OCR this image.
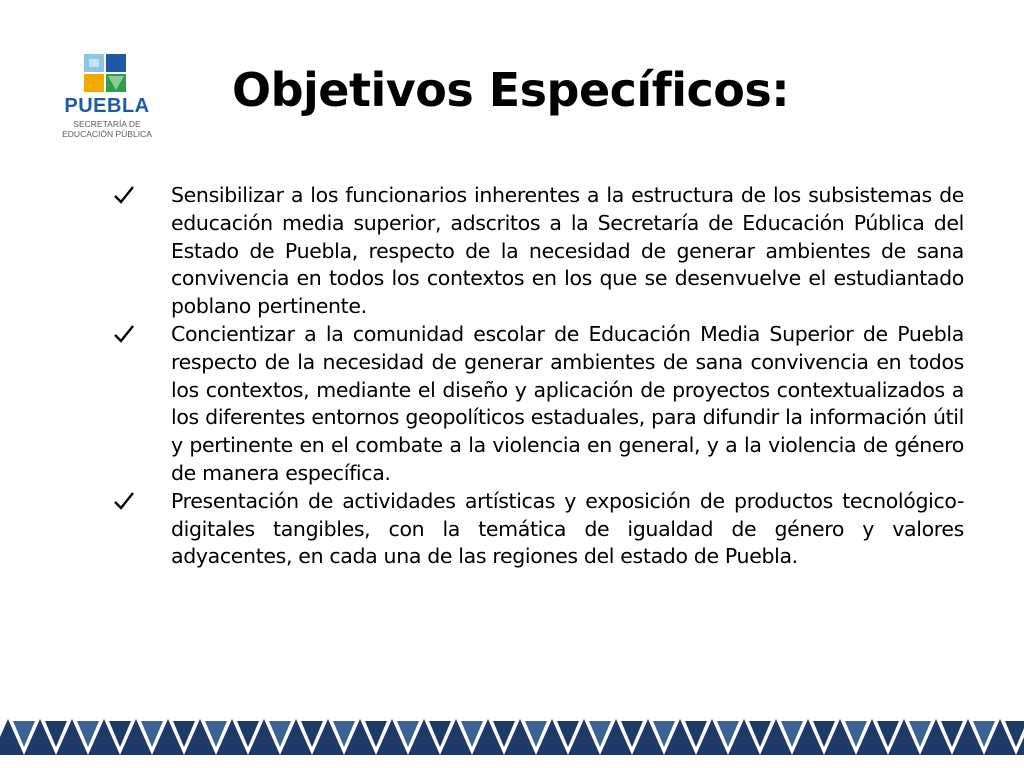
PUEBLA
SECRETARÍA DE
EDUCACIÓN PÚBLICA
Objetivos Específicos:
Sensibilizar a los funcionarios inherentes a la estructura de los subsistemas de educación media superior, adscritos a la Secretaría de Educación Pública del Estado de Puebla, respecto de la necesidad de generar ambientes de sana convivencia en todos los contextos en los que se desenvuelve el estudiantado poblano pertinente.
Concientizar a la comunidad escolar de Educación Media Superior de Puebla respecto de la necesidad de generar ambientes de sana convivencia en todos los contextos, mediante el diseño y aplicación de proyectos contextualizados a los diferentes entornos geopolíticos estaduales, para difundir la información útil y pertinente en el combate a la violencia en general, y a la violencia de género de manera específica.
Presentación de actividades artísticas y exposición de productos tecnológico-digitales tangibles, con la temática de igualdad de género y valores adyacentes, en cada una de las regiones del estado de Puebla.
